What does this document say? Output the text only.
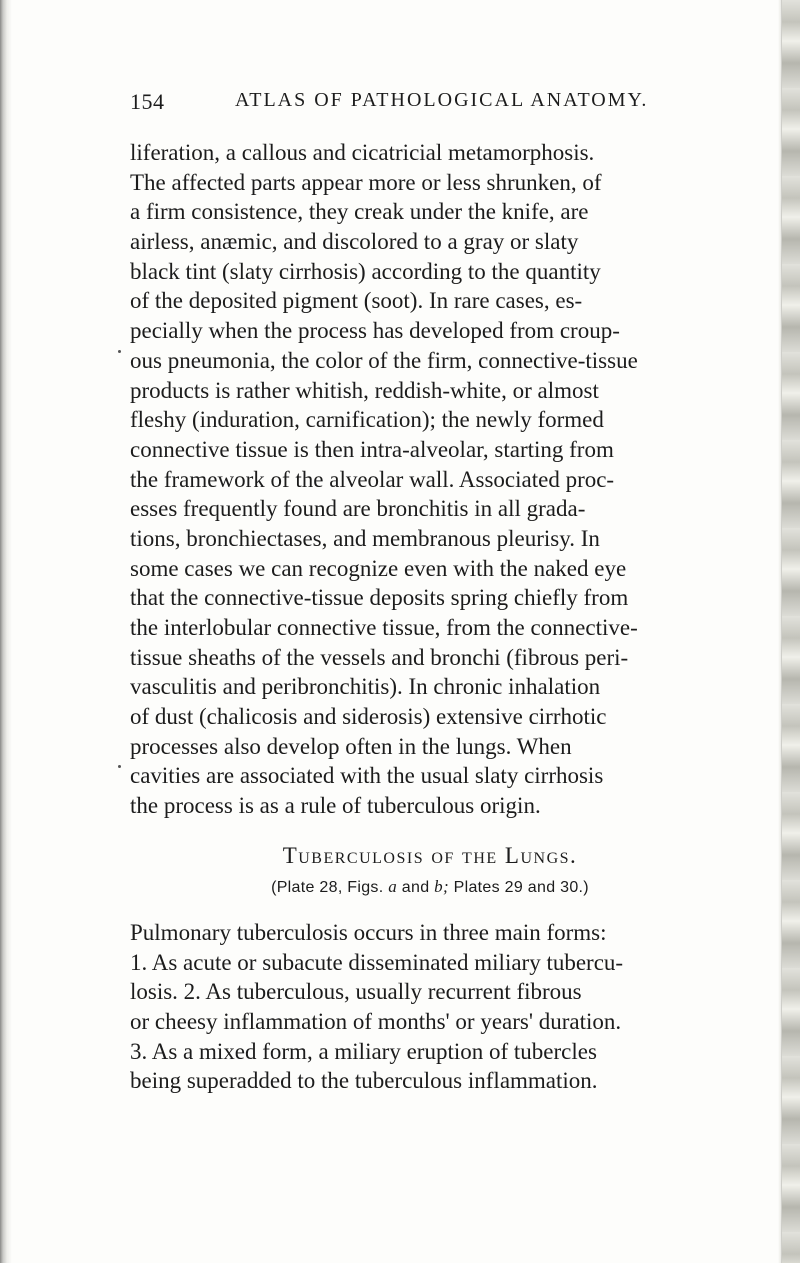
154	ATLAS OF PATHOLOGICAL ANATOMY.
liferation, a callous and cicatricial metamorphosis.
The affected parts appear more or less shrunken, of
a firm consistence, they creak under the knife, are
airless, anæmic, and discolored to a gray or slaty
black tint (slaty cirrhosis) according to the quantity
of the deposited pigment (soot). In rare cases, es-
pecially when the process has developed from croup-
ous pneumonia, the color of the firm, connective-tissue
products is rather whitish, reddish-white, or almost
fleshy (induration, carnification); the newly formed
connective tissue is then intra-alveolar, starting from
the framework of the alveolar wall. Associated proc-
esses frequently found are bronchitis in all grada-
tions, bronchiectases, and membranous pleurisy. In
some cases we can recognize even with the naked eye
that the connective-tissue deposits spring chiefly from
the interlobular connective tissue, from the connective-
tissue sheaths of the vessels and bronchi (fibrous peri-
vasculitis and peribronchitis). In chronic inhalation
of dust (chalicosis and siderosis) extensive cirrhotic
processes also develop often in the lungs. When
cavities are associated with the usual slaty cirrhosis
the process is as a rule of tuberculous origin.
Tuberculosis of the Lungs.
(Plate 28, Figs. a and b; Plates 29 and 30.)
Pulmonary tuberculosis occurs in three main forms:
1. As acute or subacute disseminated miliary tubercu-
losis. 2. As tuberculous, usually recurrent fibrous
or cheesy inflammation of months' or years' duration.
3. As a mixed form, a miliary eruption of tubercles
being superadded to the tuberculous inflammation.
